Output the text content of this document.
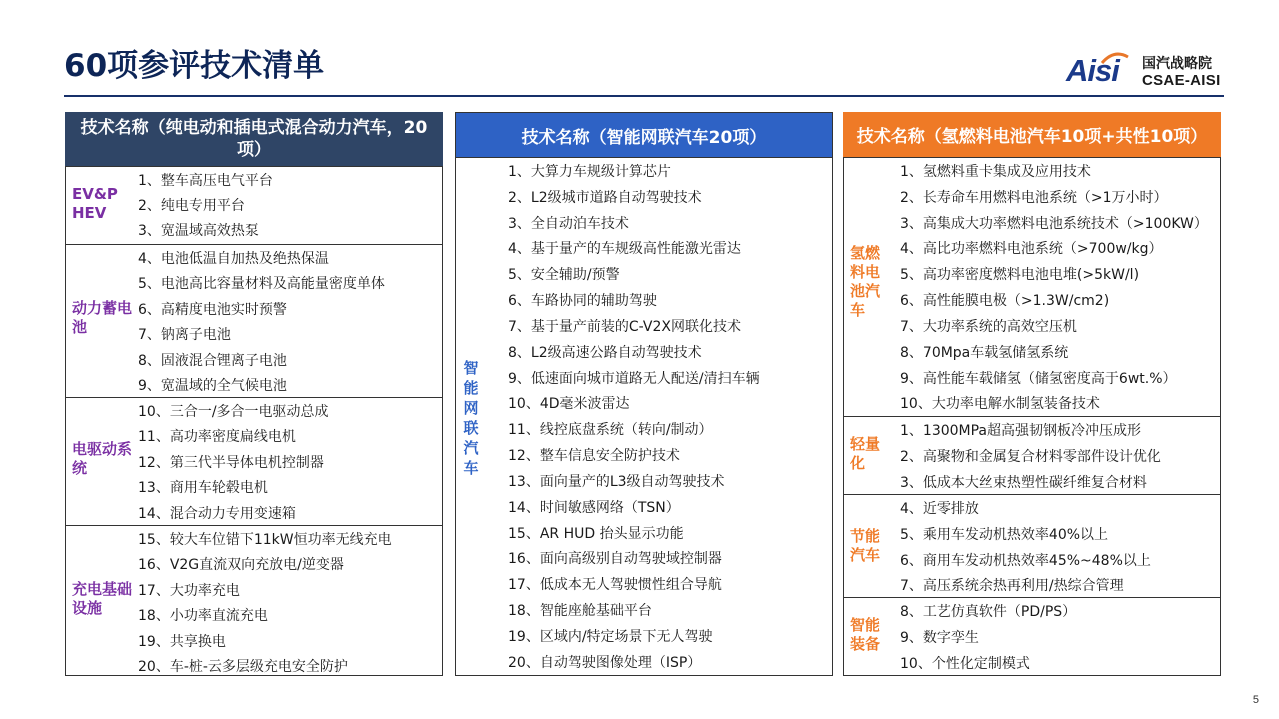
60项参评技术清单	Aisi 国汽战略院
CSAE-AISI
技术名称（纯电动和插电式混合动力汽车，20项）
EV&P HEV
1、整车高压电气平台
2、纯电专用平台
3、宽温域高效热泵
动力蓄电池
4、电池低温自加热及绝热保温
5、电池高比容量材料及高能量密度单体
6、高精度电池实时预警
7、钠离子电池
8、固液混合锂离子电池
9、宽温域的全气候电池
电驱动系统
10、三合一/多合一电驱动总成
11、高功率密度扁线电机
12、第三代半导体电机控制器
13、商用车轮毂电机
14、混合动力专用变速箱
充电基础设施
15、较大车位错下11kW恒功率无线充电
16、V2G直流双向充放电/逆变器
17、大功率充电
18、小功率直流充电
19、共享换电
20、车-桩-云多层级充电安全防护
技术名称（智能网联汽车20项）
智能网联汽车
1、大算力车规级计算芯片
2、L2级城市道路自动驾驶技术
3、全自动泊车技术
4、基于量产的车规级高性能激光雷达
5、安全辅助/预警
6、车路协同的辅助驾驶
7、基于量产前装的C-V2X网联化技术
8、L2级高速公路自动驾驶技术
9、低速面向城市道路无人配送/清扫车辆
10、4D毫米波雷达
11、线控底盘系统（转向/制动）
12、整车信息安全防护技术
13、面向量产的L3级自动驾驶技术
14、时间敏感网络（TSN）
15、AR HUD 抬头显示功能
16、面向高级别自动驾驶域控制器
17、低成本无人驾驶惯性组合导航
18、智能座舱基础平台
19、区域内/特定场景下无人驾驶
20、自动驾驶图像处理（ISP）
技术名称（氢燃料电池汽车10项+共性10项）
氢燃料电池汽车
1、氢燃料重卡集成及应用技术
2、长寿命车用燃料电池系统（>1万小时）
3、高集成大功率燃料电池系统技术（>100KW）
4、高比功率燃料电池系统（>700w/kg）
5、高功率密度燃料电池电堆(>5kW/l)
6、高性能膜电极（>1.3W/cm2)
7、大功率系统的高效空压机
8、70Mpa车载氢储氢系统
9、高性能车载储氢（储氢密度高于6wt.%）
10、大功率电解水制氢装备技术
轻量化
1、1300MPa超高强韧钢板冷冲压成形
2、高聚物和金属复合材料零部件设计优化
3、低成本大丝束热塑性碳纤维复合材料
节能汽车
4、近零排放
5、乘用车发动机热效率40%以上
6、商用车发动机热效率45%~48%以上
7、高压系统余热再利用/热综合管理
智能装备
8、工艺仿真软件（PD/PS）
9、数字孪生
10、个性化定制模式
5
